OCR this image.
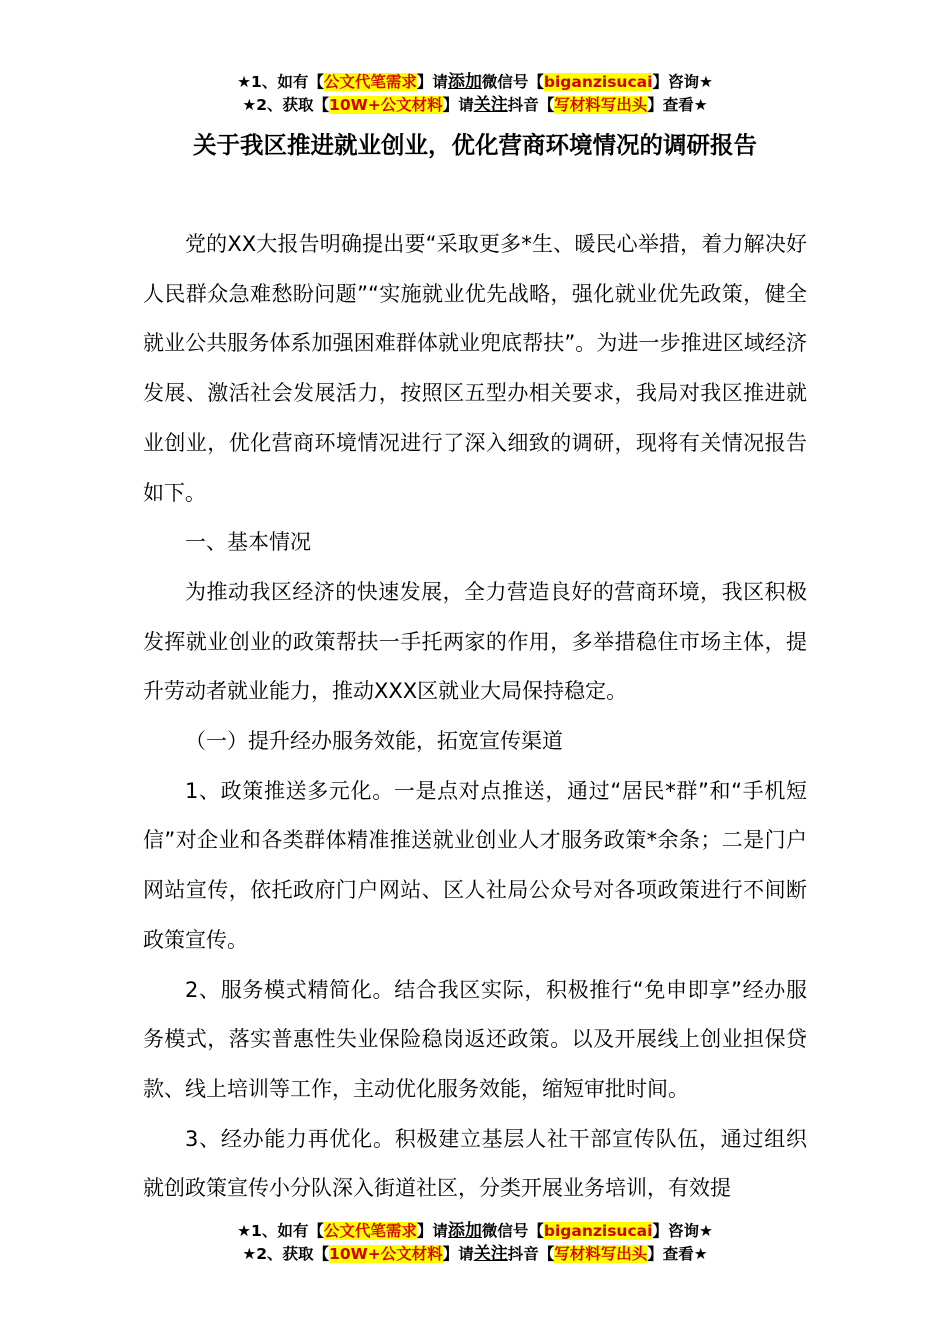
★1、如有【公文代笔需求】请添加微信号【biganzisucai】咨询★
★2、获取【10W+公文材料】请关注抖音【写材料写出头】查看★
关于我区推进就业创业，优化营商环境情况的调研报告

党的XX大报告明确提出要“采取更多*生、暖民心举措，着力解决好人民群众急难愁盼问题”“实施就业优先战略，强化就业优先政策，健全就业公共服务体系加强困难群体就业兜底帮扶”。为进一步推进区域经济发展、激活社会发展活力，按照区五型办相关要求，我局对我区推进就业创业，优化营商环境情况进行了深入细致的调研，现将有关情况报告如下。

一、基本情况

为推动我区经济的快速发展，全力营造良好的营商环境，我区积极发挥就业创业的政策帮扶一手托两家的作用，多举措稳住市场主体，提升劳动者就业能力，推动XXX区就业大局保持稳定。

（一）提升经办服务效能，拓宽宣传渠道

1、政策推送多元化。一是点对点推送，通过“居民*群”和“手机短信”对企业和各类群体精准推送就业创业人才服务政策*余条；二是门户网站宣传，依托政府门户网站、区人社局公众号对各项政策进行不间断政策宣传。

2、服务模式精简化。结合我区实际，积极推行“免申即享”经办服务模式，落实普惠性失业保险稳岗返还政策。以及开展线上创业担保贷款、线上培训等工作，主动优化服务效能，缩短审批时间。

3、经办能力再优化。积极建立基层人社干部宣传队伍，通过组织就创政策宣传小分队深入街道社区，分类开展业务培训，有效提

★1、如有【公文代笔需求】请添加微信号【biganzisucai】咨询★
★2、获取【10W+公文材料】请关注抖音【写材料写出头】查看★
